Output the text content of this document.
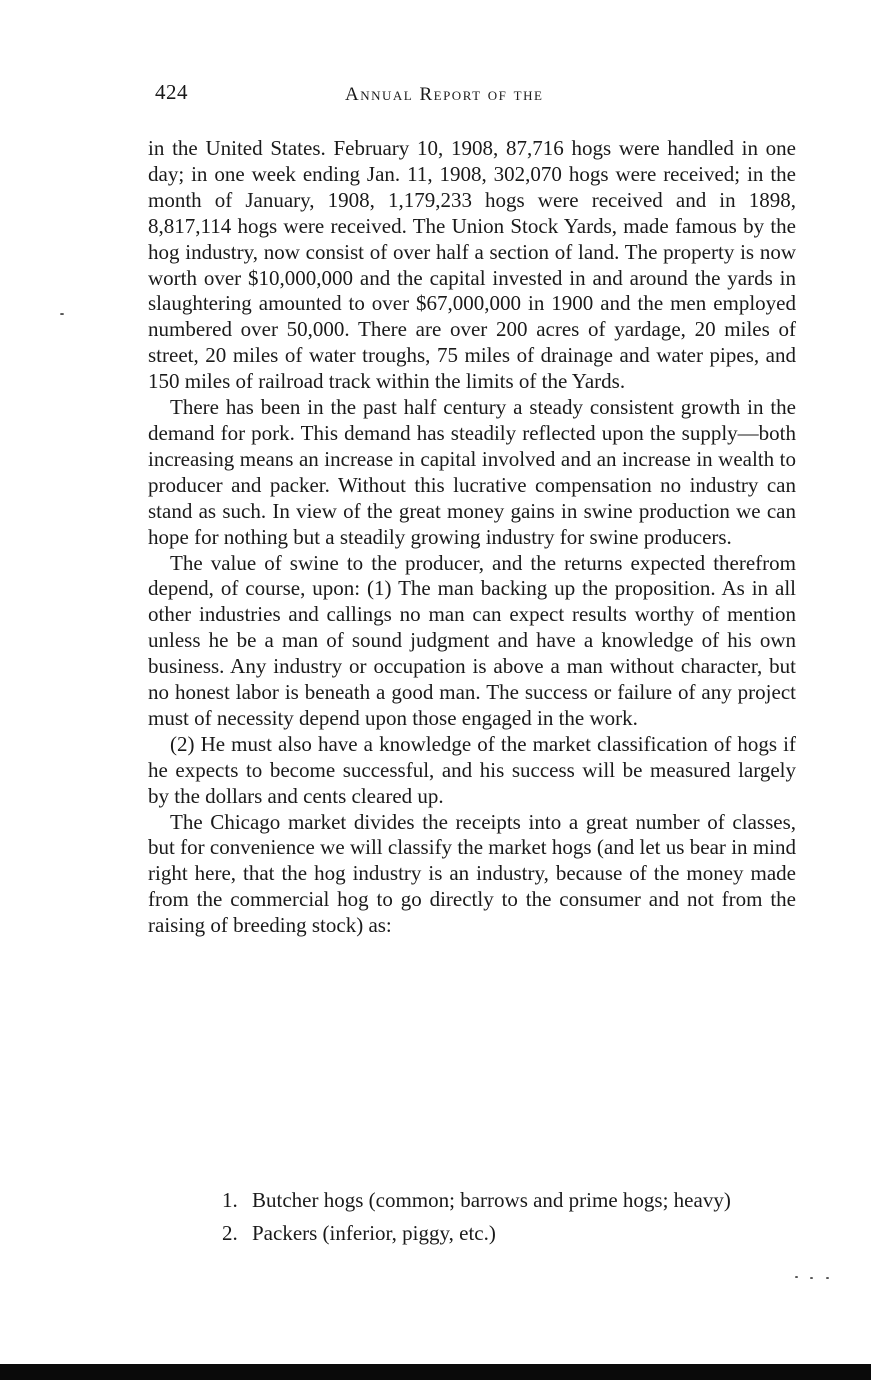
424	Annual Report of the

in the United States. February 10, 1908, 87,716 hogs were handled in one day; in one week ending Jan. 11, 1908, 302,070 hogs were received; in the month of January, 1908, 1,179,233 hogs were received and in 1898, 8,817,114 hogs were received. The Union Stock Yards, made famous by the hog industry, now consist of over half a section of land. The property is now worth over $10,000,000 and the capital invested in and around the yards in slaughtering amounted to over $67,000,000 in 1900 and the men employed numbered over 50,000. There are over 200 acres of yardage, 20 miles of street, 20 miles of water troughs, 75 miles of drainage and water pipes, and 150 miles of railroad track within the limits of the Yards.

There has been in the past half century a steady consistent growth in the demand for pork. This demand has steadily reflected upon the supply—both increasing means an increase in capital involved and an increase in wealth to producer and packer. Without this lucrative compensation no industry can stand as such. In view of the great money gains in swine production we can hope for nothing but a steadily growing industry for swine producers.

The value of swine to the producer, and the returns expected therefrom depend, of course, upon: (1) The man backing up the proposition. As in all other industries and callings no man can expect results worthy of mention unless he be a man of sound judgment and have a knowledge of his own business. Any industry or occupation is above a man without character, but no honest labor is beneath a good man. The success or failure of any project must of necessity depend upon those engaged in the work.

(2) He must also have a knowledge of the market classification of hogs if he expects to become successful, and his success will be measured largely by the dollars and cents cleared up.

The Chicago market divides the receipts into a great number of classes, but for convenience we will classify the market hogs (and let us bear in mind right here, that the hog industry is an industry, because of the money made from the commercial hog to go directly to the consumer and not from the raising of breeding stock) as:

1. Butcher hogs (common; barrows and prime hogs; heavy)
2. Packers (inferior, piggy, etc.)
